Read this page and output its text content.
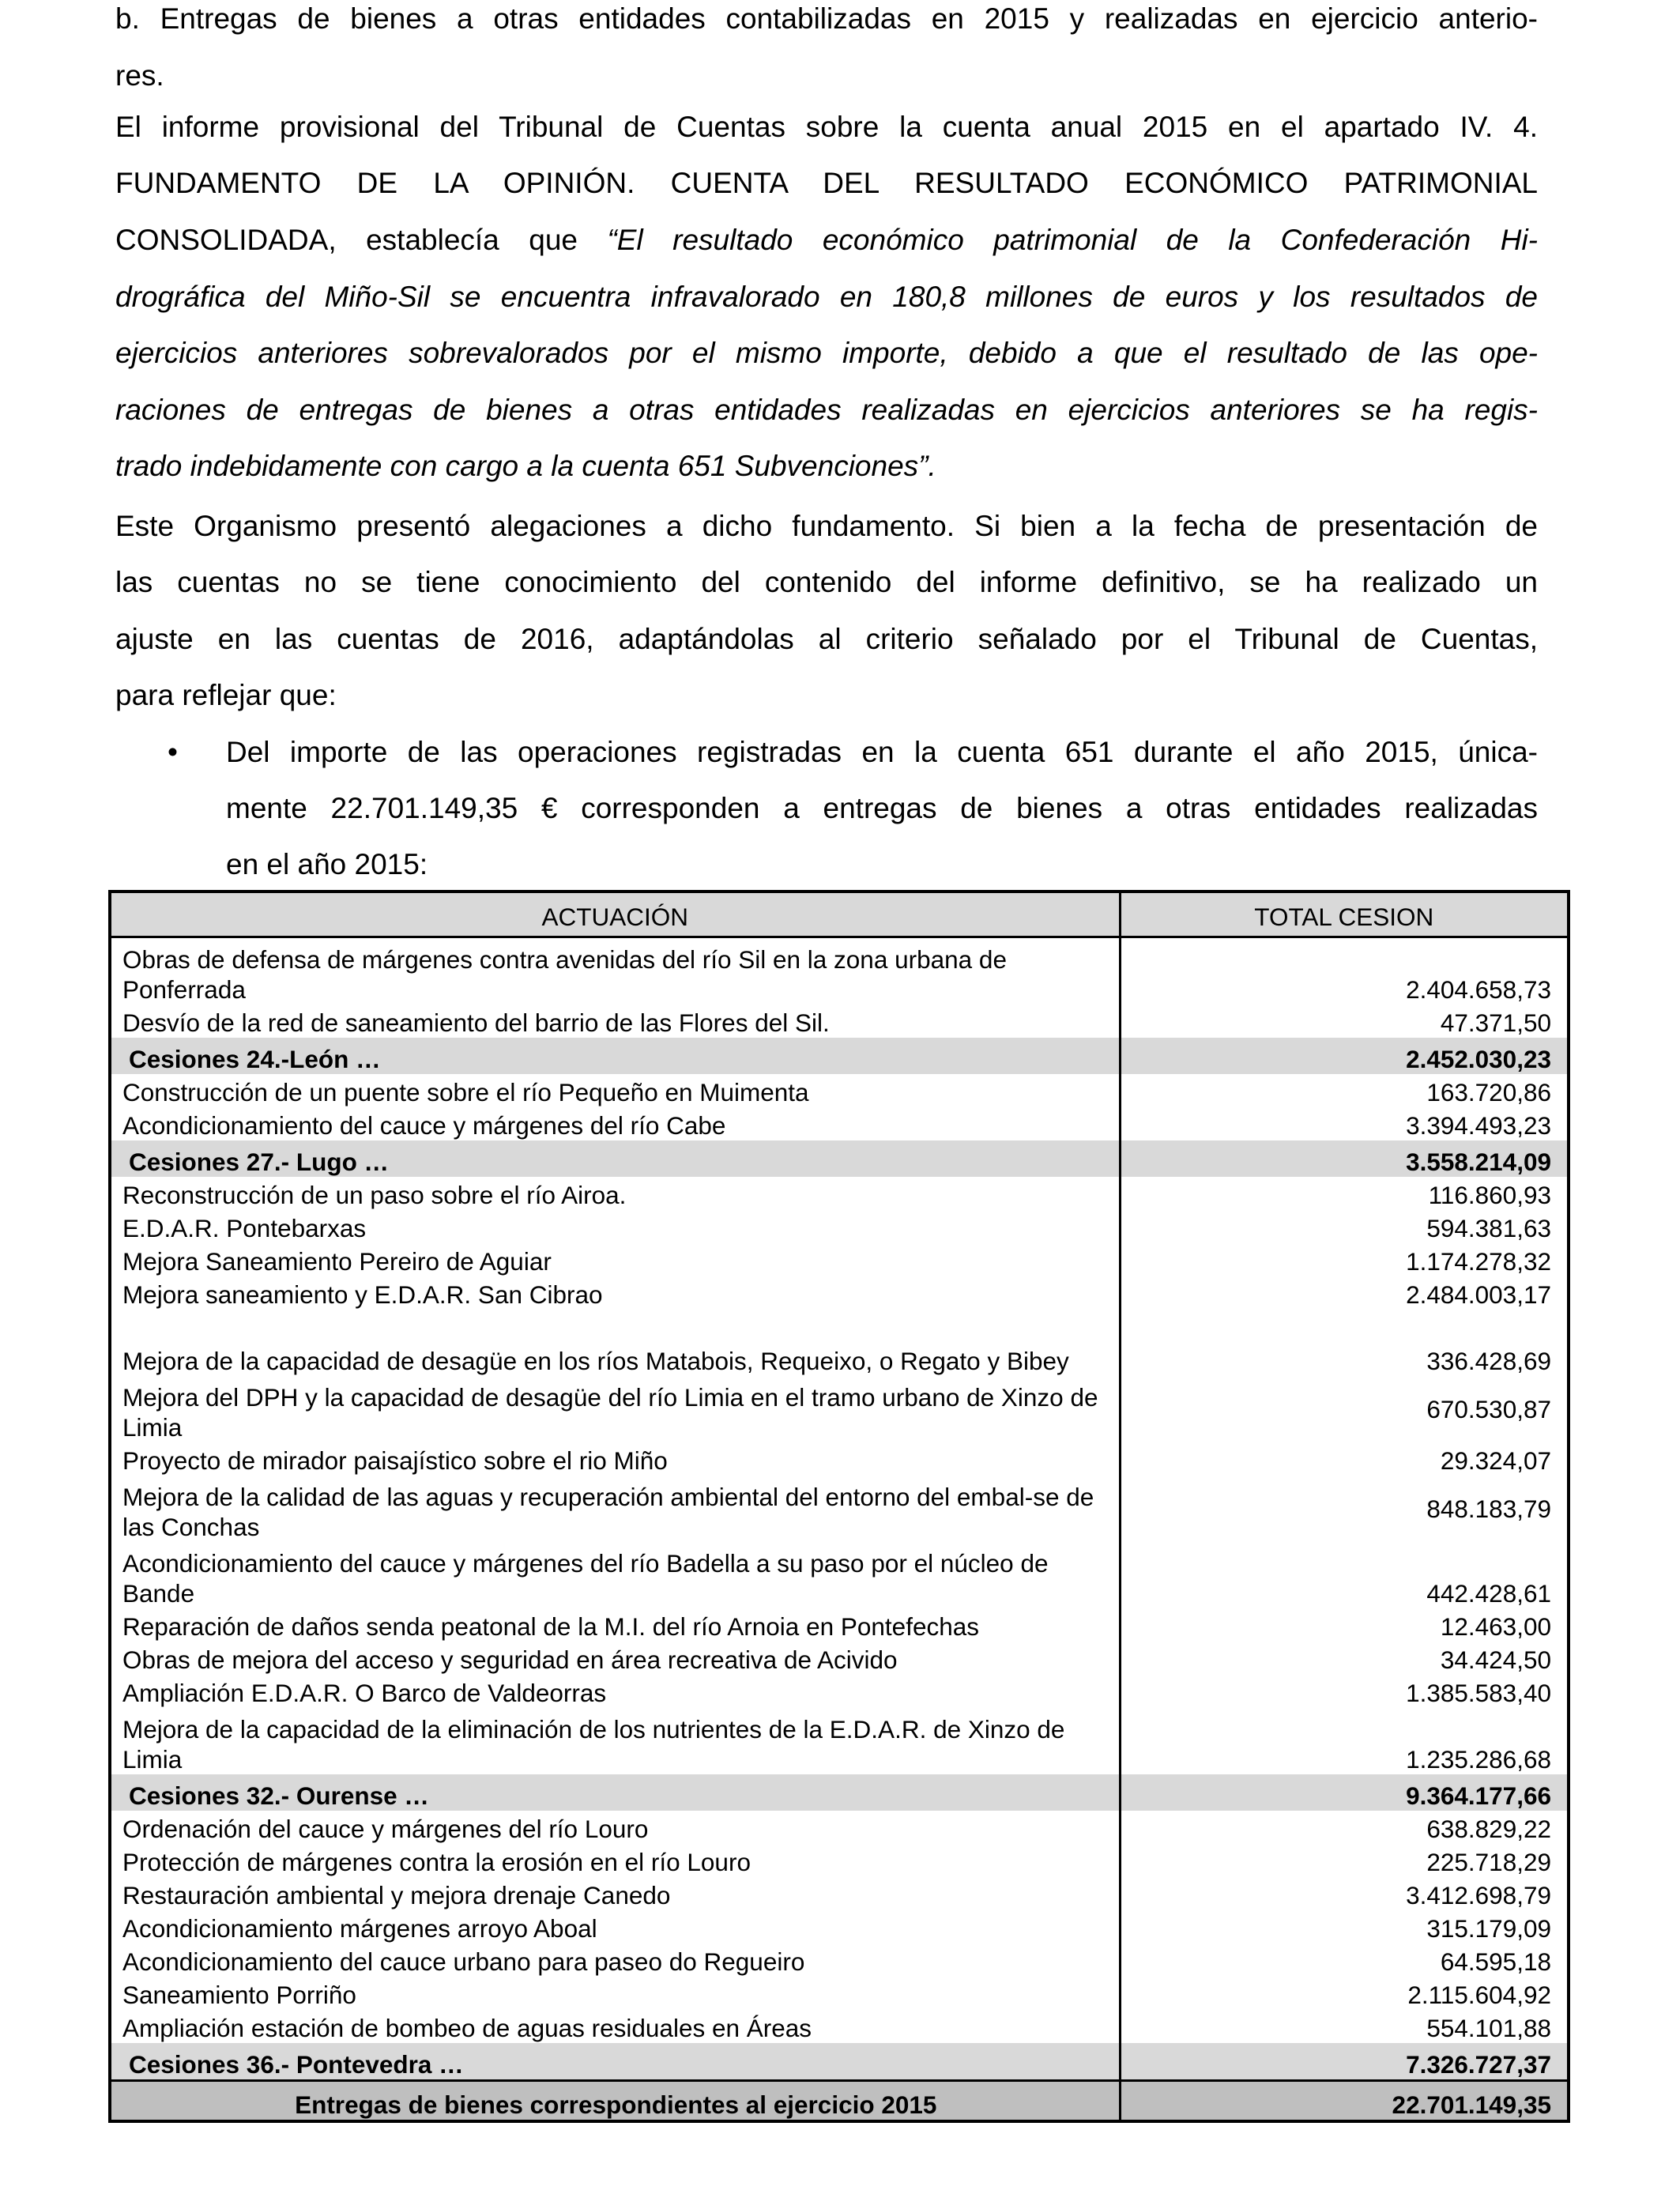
b. Entregas de bienes a otras entidades contabilizadas en 2015 y realizadas en ejercicio anterio-
res.
El informe provisional del Tribunal de Cuentas sobre la cuenta anual 2015 en el apartado IV. 4.
FUNDAMENTO DE LA OPINIÓN. CUENTA DEL RESULTADO ECONÓMICO PATRIMONIAL
CONSOLIDADA, establecía que “El resultado económico patrimonial de la Confederación Hi-
drográfica del Miño-Sil se encuentra infravalorado en 180,8 millones de euros y los resultados de
ejercicios anteriores sobrevalorados por el mismo importe, debido a que el resultado de las ope-
raciones de entregas de bienes a otras entidades realizadas en ejercicios anteriores se ha regis-
trado indebidamente con cargo a la cuenta 651 Subvenciones”.
Este Organismo presentó alegaciones a dicho fundamento. Si bien a la fecha de presentación de
las cuentas no se tiene conocimiento del contenido del informe definitivo, se ha realizado un
ajuste en las cuentas de 2016, adaptándolas al criterio señalado por el Tribunal de Cuentas,
para reflejar que:
• Del importe de las operaciones registradas en la cuenta 651 durante el año 2015, única-
mente 22.701.149,35 € corresponden a entregas de bienes a otras entidades realizadas
en el año 2015:
ACTUACIÓN	TOTAL CESION
Obras de defensa de márgenes contra avenidas del río Sil en la zona urbana de Ponferrada	2.404.658,73
Desvío de la red de saneamiento del barrio de las Flores del Sil.	47.371,50
Cesiones 24.-León …	2.452.030,23
Construcción de un puente sobre el río Pequeño en Muimenta	163.720,86
Acondicionamiento del cauce y márgenes del río Cabe	3.394.493,23
Cesiones 27.- Lugo …	3.558.214,09
Reconstrucción de un paso sobre el río Airoa.	116.860,93
E.D.A.R. Pontebarxas	594.381,63
Mejora Saneamiento Pereiro de Aguiar	1.174.278,32
Mejora saneamiento y E.D.A.R. San Cibrao	2.484.003,17
Mejora de la capacidad de desagüe en los ríos Matabois, Requeixo, o Regato y Bibey	336.428,69
Mejora del DPH y la capacidad de desagüe del río Limia en el tramo urbano de Xinzo de Limia	670.530,87
Proyecto de mirador paisajístico sobre el rio Miño	29.324,07
Mejora de la calidad de las aguas y recuperación ambiental del entorno del embal-se de las Conchas	848.183,79
Acondicionamiento del cauce y márgenes del río Badella a su paso por el núcleo de Bande	442.428,61
Reparación de daños senda peatonal de la M.I. del río Arnoia en Pontefechas	12.463,00
Obras de mejora del acceso y seguridad en área recreativa de Acivido	34.424,50
Ampliación E.D.A.R. O Barco de Valdeorras	1.385.583,40
Mejora de la capacidad de la eliminación de los nutrientes de la E.D.A.R. de Xinzo de Limia	1.235.286,68
Cesiones 32.- Ourense …	9.364.177,66
Ordenación del cauce y márgenes del río Louro	638.829,22
Protección de márgenes contra la erosión en el río Louro	225.718,29
Restauración ambiental y mejora drenaje Canedo	3.412.698,79
Acondicionamiento márgenes arroyo Aboal	315.179,09
Acondicionamiento del cauce urbano para paseo do Regueiro	64.595,18
Saneamiento Porriño	2.115.604,92
Ampliación estación de bombeo de aguas residuales en Áreas	554.101,88
Cesiones 36.- Pontevedra …	7.326.727,37
Entregas de bienes correspondientes al ejercicio 2015	22.701.149,35
